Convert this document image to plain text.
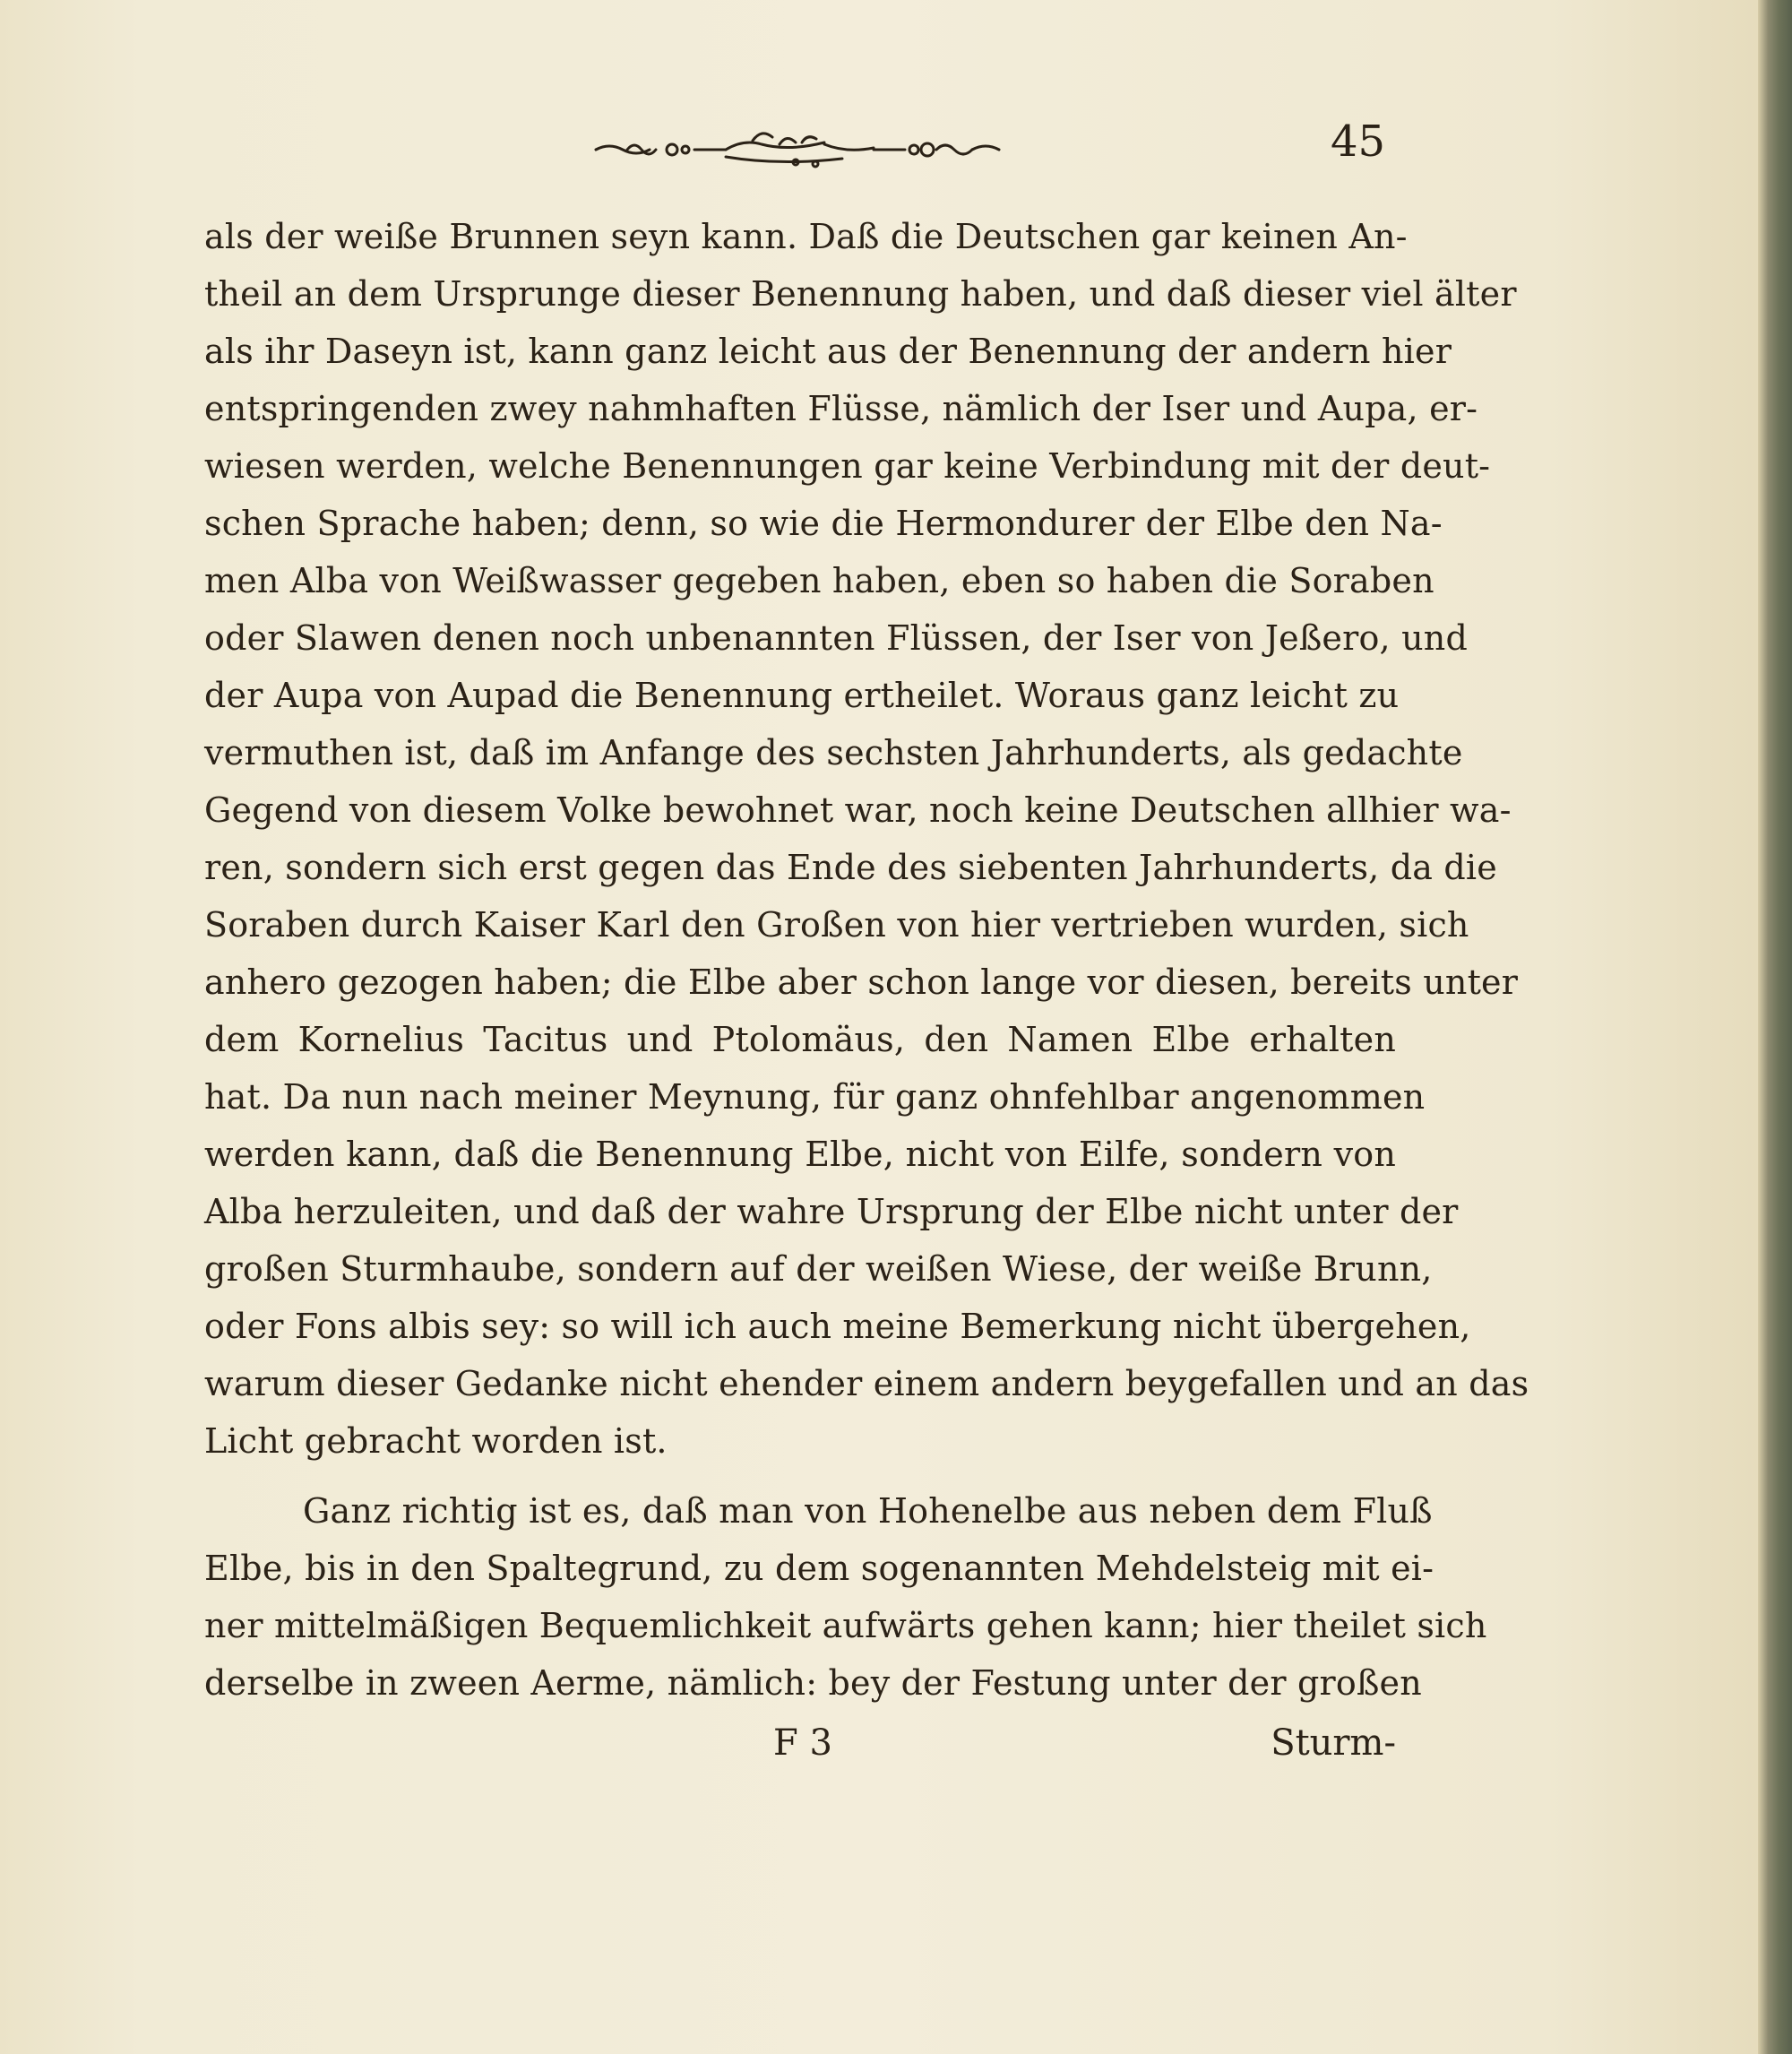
45
als der weiße Brunnen seyn kann. Daß die Deutschen gar keinen An-
theil an dem Ursprunge dieser Benennung haben, und daß dieser viel älter
als ihr Daseyn ist, kann ganz leicht aus der Benennung der andern hier
entspringenden zwey nahmhaften Flüsse, nämlich der Iser und Aupa, er-
wiesen werden, welche Benennungen gar keine Verbindung mit der deut-
schen Sprache haben; denn, so wie die Hermondurer der Elbe den Na-
men Alba von Weißwasser gegeben haben, eben so haben die Soraben
oder Slawen denen noch unbenannten Flüssen, der Iser von Jeßero, und
der Aupa von Aupad die Benennung ertheilet. Woraus ganz leicht zu
vermuthen ist, daß im Anfange des sechsten Jahrhunderts, als gedachte
Gegend von diesem Volke bewohnet war, noch keine Deutschen allhier wa-
ren, sondern sich erst gegen das Ende des siebenten Jahrhunderts, da die
Soraben durch Kaiser Karl den Großen von hier vertrieben wurden, sich
anhero gezogen haben; die Elbe aber schon lange vor diesen, bereits unter
dem Kornelius Tacitus und Ptolomäus, den Namen Elbe erhalten
hat. Da nun nach meiner Meynung, für ganz ohnfehlbar angenommen
werden kann, daß die Benennung Elbe, nicht von Eilfe, sondern von
Alba herzuleiten, und daß der wahre Ursprung der Elbe nicht unter der
großen Sturmhaube, sondern auf der weißen Wiese, der weiße Brunn,
oder Fons albis sey: so will ich auch meine Bemerkung nicht übergehen,
warum dieser Gedanke nicht ehender einem andern beygefallen und an das
Licht gebracht worden ist.
Ganz richtig ist es, daß man von Hohenelbe aus neben dem Fluß
Elbe, bis in den Spaltegrund, zu dem sogenannten Mehdelsteig mit ei-
ner mittelmäßigen Bequemlichkeit aufwärts gehen kann; hier theilet sich
derselbe in zween Aerme, nämlich: bey der Festung unter der großen
F 3	Sturm-
